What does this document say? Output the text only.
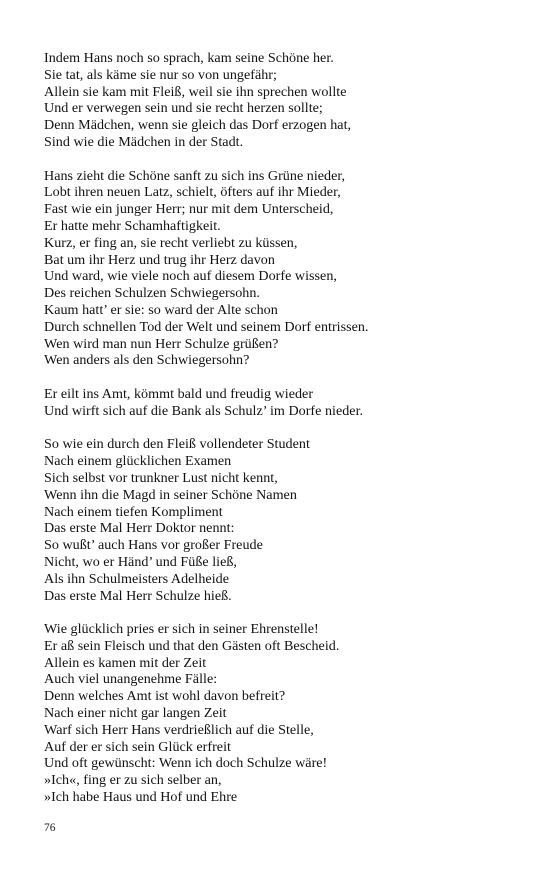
Indem Hans noch so sprach, kam seine Schöne her.
Sie tat, als käme sie nur so von ungefähr;
Allein sie kam mit Fleiß, weil sie ihn sprechen wollte
Und er verwegen sein und sie recht herzen sollte;
Denn Mädchen, wenn sie gleich das Dorf erzogen hat,
Sind wie die Mädchen in der Stadt.
Hans zieht die Schöne sanft zu sich ins Grüne nieder,
Lobt ihren neuen Latz, schielt, öfters auf ihr Mieder,
Fast wie ein junger Herr; nur mit dem Unterscheid,
Er hatte mehr Schamhaftigkeit.
Kurz, er fing an, sie recht verliebt zu küssen,
Bat um ihr Herz und trug ihr Herz davon
Und ward, wie viele noch auf diesem Dorfe wissen,
Des reichen Schulzen Schwiegersohn.
Kaum hatt’ er sie: so ward der Alte schon
Durch schnellen Tod der Welt und seinem Dorf entrissen.
Wen wird man nun Herr Schulze grüßen?
Wen anders als den Schwiegersohn?
Er eilt ins Amt, kömmt bald und freudig wieder
Und wirft sich auf die Bank als Schulz’ im Dorfe nieder.
So wie ein durch den Fleiß vollendeter Student
Nach einem glücklichen Examen
Sich selbst vor trunkner Lust nicht kennt,
Wenn ihn die Magd in seiner Schöne Namen
Nach einem tiefen Kompliment
Das erste Mal Herr Doktor nennt:
So wußt’ auch Hans vor großer Freude
Nicht, wo er Händ’ und Füße ließ,
Als ihn Schulmeisters Adelheide
Das erste Mal Herr Schulze hieß.
Wie glücklich pries er sich in seiner Ehrenstelle!
Er aß sein Fleisch und that den Gästen oft Bescheid.
Allein es kamen mit der Zeit
Auch viel unangenehme Fälle:
Denn welches Amt ist wohl davon befreit?
Nach einer nicht gar langen Zeit
Warf sich Herr Hans verdrießlich auf die Stelle,
Auf der er sich sein Glück erfreit
Und oft gewünscht: Wenn ich doch Schulze wäre!
»Ich«, fing er zu sich selber an,
»Ich habe Haus und Hof und Ehre
76
